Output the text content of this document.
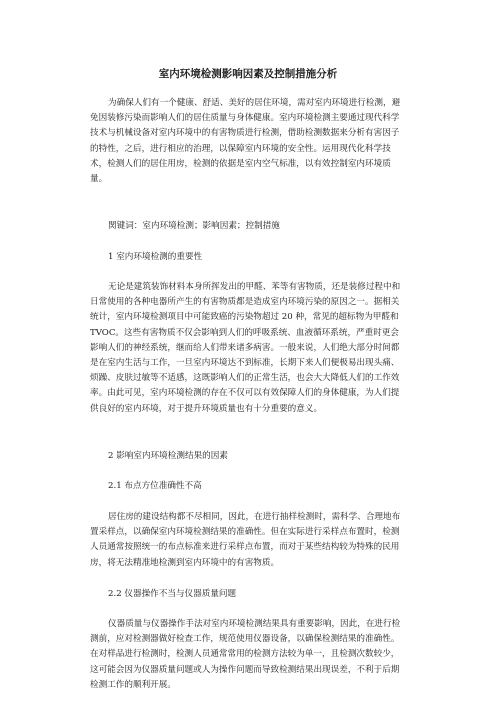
室内环境检测影响因素及控制措施分析

为确保人们有一个健康、舒适、美好的居住环境，需对室内环境进行检测，避免因装修污染而影响人们的居住质量与身体健康。室内环境检测主要通过现代科学技术与机械设备对室内环境中的有害物质进行检测，借助检测数据来分析有害因子的特性，之后，进行相应的治理，以保障室内环境的安全性。运用现代化科学技术，检测人们的居住用房，检测的依据是室内空气标准，以有效控制室内环境质量。

関键词：室内环境检测；影响因素；控制措施

1 室内环境检测的重要性

无论是建筑装饰材料本身所挥发出的甲醛、苯等有害物质，还是装修过程中和日常使用的各种电器所产生的有害物质都是造成室内环境污染的原因之一。据相关统计，室内环境检测项目中可能致癌的污染物超过 20 种，常见的超标物为甲醛和 TVOC。这些有害物质不仅会影响到人们的呼吸系统、血液循环系统，严重时更会影响人们的神经系统，继而给人们带来诸多病害。一般来说，人们绝大部分时间都是在室内生活与工作，一旦室内环境达不到标准，长期下来人们便极易出现头痛、烦躁、皮肤过敏等不适感，这既影响人们的正常生活，也会大大降低人们的工作效率。由此可见，室内环境检测的存在不仅可以有效保障人们的身体健康，为人们提供良好的室内环境，对于提升环境质量也有十分重要的意义。

2 影响室内环境检测结果的因素

2.1 布点方位准确性不高

居住房的建设结构都不尽相同，因此，在进行抽样检测时，需科学、合理地布置采样点，以确保室内环境检测结果的准确性。但在实际进行采样点布置时，检测人员通常按照统一的布点标准来进行采样点布置，而对于某些结构较为特殊的民用房，将无法精准地检测到室内环境中的有害物质。

2.2 仪器操作不当与仪器质量问题

仪器质量与仪器操作手法对室内环境检测结果具有重要影响，因此，在进行检测前，应对检测器做好检查工作，规范使用仪器设备，以确保检测结果的准确性。在对样品进行检测时，检测人员通常常用的检测方法较为单一，且检测次数较少，这可能会因为仪器质量问题或人为操作问题而导致检测结果出现误差，不利于后期检测工作的顺利开展。
